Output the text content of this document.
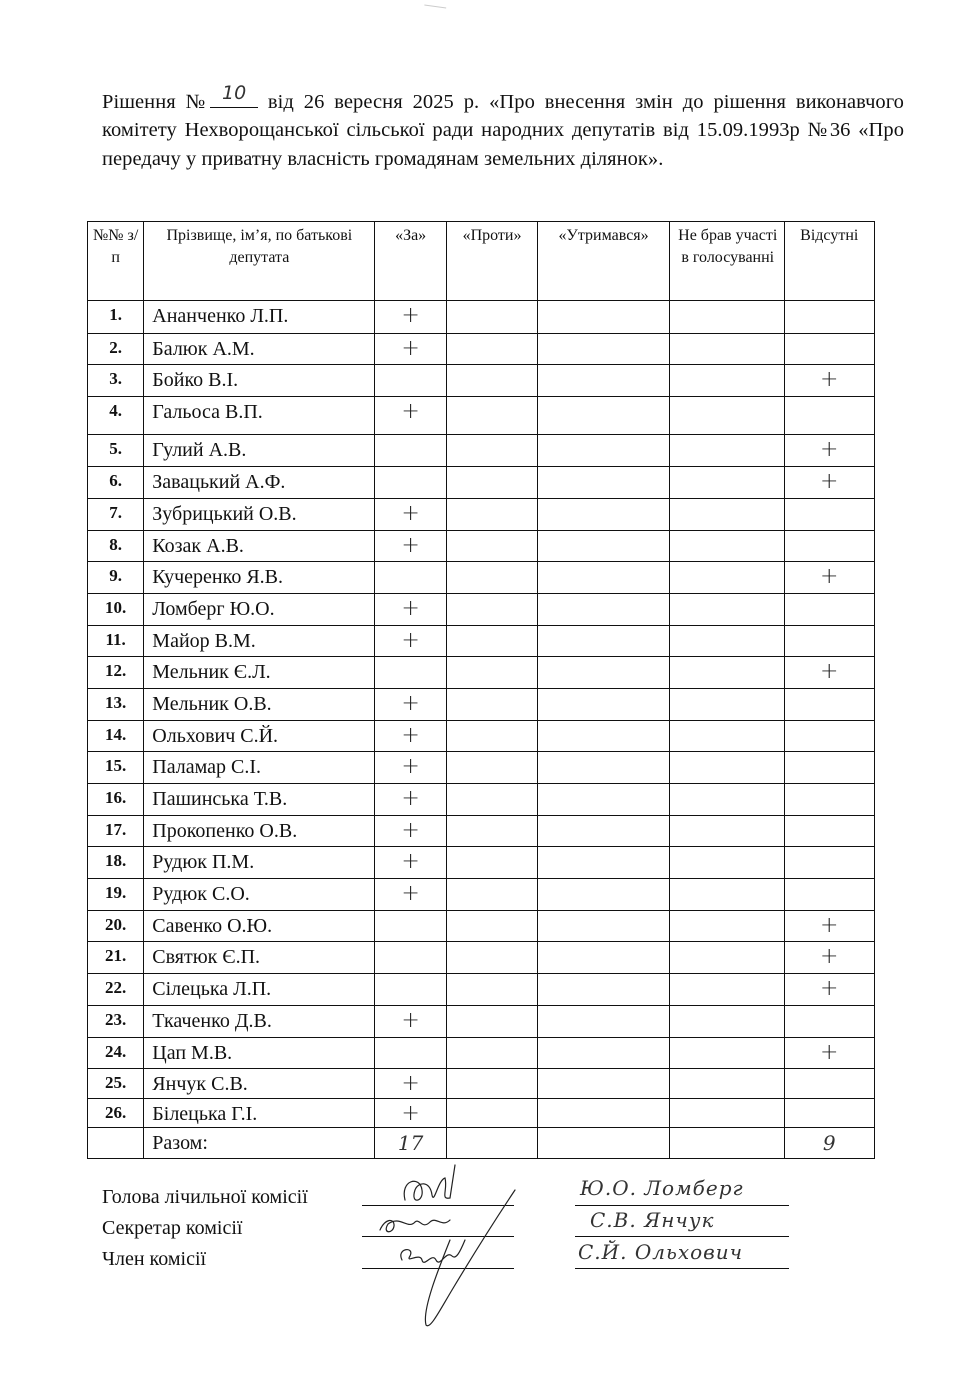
Рішення № 10 від 26 вересня 2025 р. «Про внесення змін до рішення виконавчого комітету Нехворощанської сільської ради народних депутатів від 15.09.1993р №36 «Про передачу у приватну власність громадянам земельних ділянок».

№№ з/п	Прізвище, ім’я, по батькові депутата	«За»	«Проти»	«Утримався»	Не брав участі в голосуванні	Відсутні
1.	Ананченко Л.П.	+				
2.	Балюк А.М.	+				
3.	Бойко В.І.					+
4.	Гальоса В.П.	+				
5.	Гулий А.В.					+
6.	Завацький А.Ф.					+
7.	Зубрицький О.В.	+				
8.	Козак А.В.	+				
9.	Кучеренко Я.В.					+
10.	Ломберг Ю.О.	+				
11.	Майор В.М.	+				
12.	Мельник Є.Л.					+
13.	Мельник О.В.	+				
14.	Ольхович С.Й.	+				
15.	Паламар С.І.	+				
16.	Пашинська Т.В.	+				
17.	Прокопенко О.В.	+				
18.	Рудюк П.М.	+				
19.	Рудюк С.О.	+				
20.	Савенко О.Ю.					+
21.	Святюк Є.П.					+
22.	Сілецька Л.П.					+
23.	Ткаченко Д.В.	+				
24.	Цап М.В.					+
25.	Янчук С.В.	+				
26.	Білецька Г.І.	+				
	Разом:	17				9
Голова лічильної комісії
Секретар комісії
Член комісії
Ю.О. Ломберг
С.В. Янчук
С.Й. Ольхович
